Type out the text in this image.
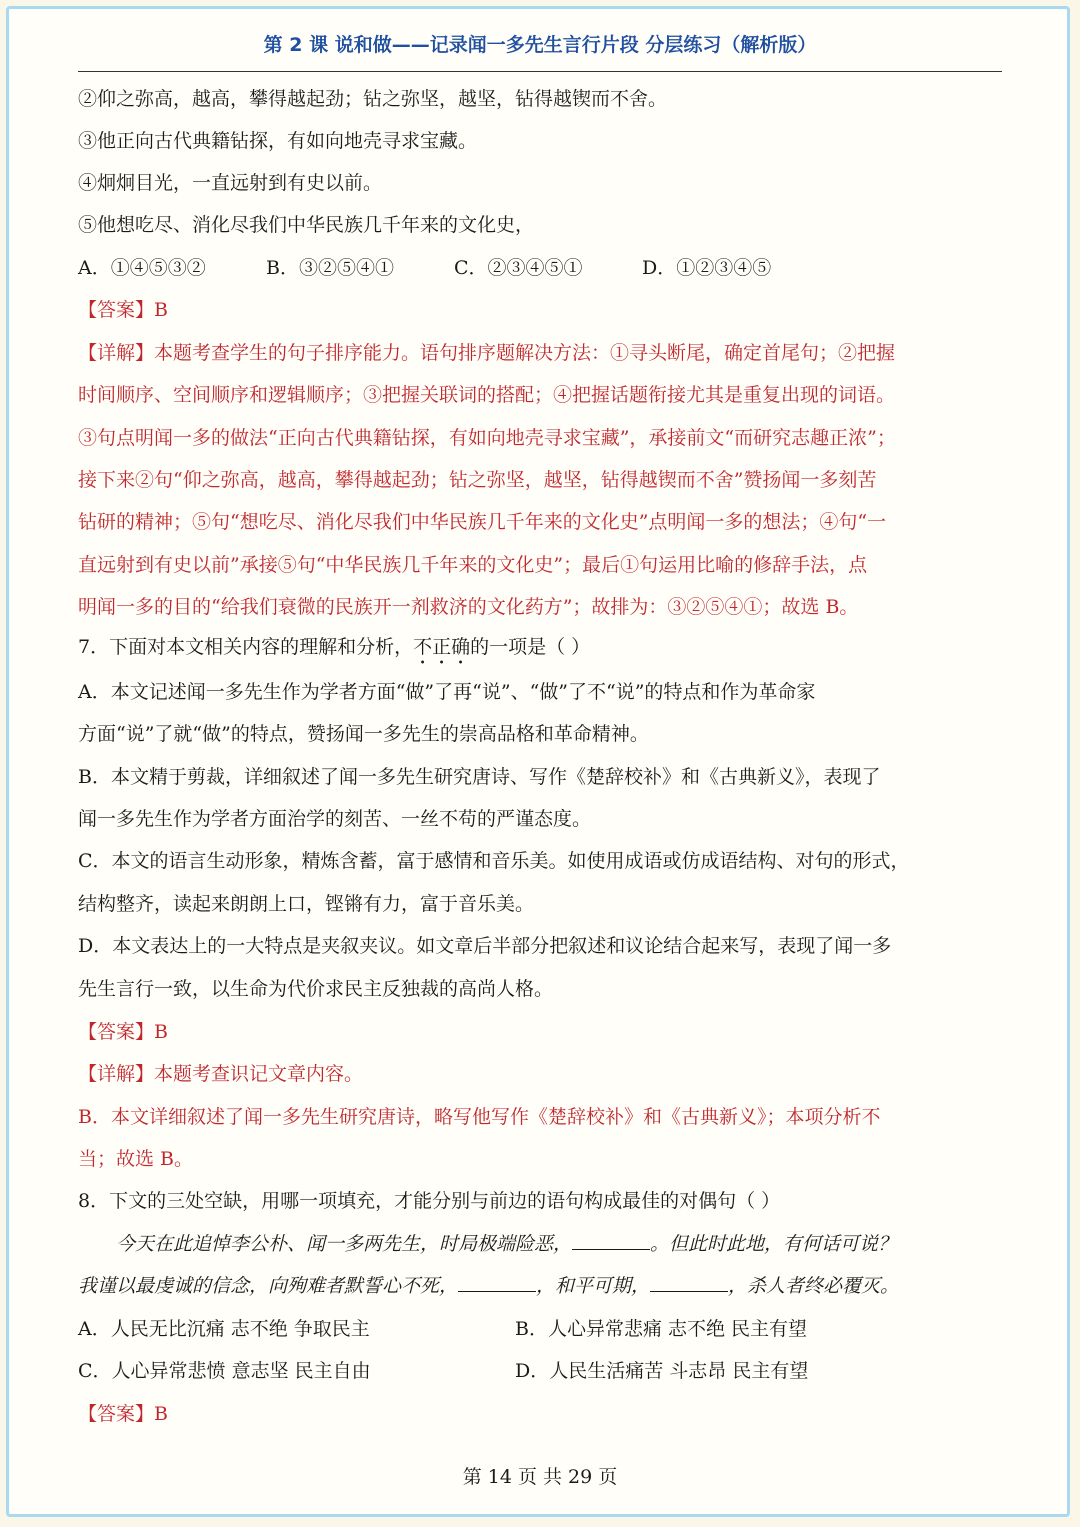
第 2 课 说和做——记录闻一多先生言行片段 分层练习（解析版）
②仰之弥高，越高，攀得越起劲；钻之弥坚，越坚，钻得越锲而不舍。
③他正向古代典籍钻探，有如向地壳寻求宝藏。
④炯炯目光，一直远射到有史以前。
⑤他想吃尽、消化尽我们中华民族几千年来的文化史，
A．①④⑤③②	B．③②⑤④①	C．②③④⑤①	D．①②③④⑤
【答案】B
【详解】本题考查学生的句子排序能力。语句排序题解决方法：①寻头断尾，确定首尾句；②把握
时间顺序、空间顺序和逻辑顺序；③把握关联词的搭配；④把握话题衔接尤其是重复出现的词语。
③句点明闻一多的做法“正向古代典籍钻探，有如向地壳寻求宝藏”，承接前文“而研究志趣正浓”；
接下来②句“仰之弥高，越高，攀得越起劲；钻之弥坚，越坚，钻得越锲而不舍”赞扬闻一多刻苦
钻研的精神；⑤句“想吃尽、消化尽我们中华民族几千年来的文化史”点明闻一多的想法；④句“一
直远射到有史以前”承接⑤句“中华民族几千年来的文化史”；最后①句运用比喻的修辞手法，点
明闻一多的目的“给我们衰微的民族开一剂救济的文化药方”；故排为：③②⑤④①；故选 B。
7．下面对本文相关内容的理解和分析，不正确的一项是（ ）
A．本文记述闻一多先生作为学者方面“做”了再“说”、“做”了不“说”的特点和作为革命家
方面“说”了就“做”的特点，赞扬闻一多先生的崇高品格和革命精神。
B．本文精于剪裁，详细叙述了闻一多先生研究唐诗、写作《楚辞校补》和《古典新义》，表现了
闻一多先生作为学者方面治学的刻苦、一丝不苟的严谨态度。
C．本文的语言生动形象，精炼含蓄，富于感情和音乐美。如使用成语或仿成语结构、对句的形式，
结构整齐，读起来朗朗上口，铿锵有力，富于音乐美。
D．本文表达上的一大特点是夹叙夹议。如文章后半部分把叙述和议论结合起来写，表现了闻一多
先生言行一致，以生命为代价求民主反独裁的高尚人格。
【答案】B
【详解】本题考查识记文章内容。
B．本文详细叙述了闻一多先生研究唐诗，略写他写作《楚辞校补》和《古典新义》；本项分析不
当；故选 B。
8．下文的三处空缺，用哪一项填充，才能分别与前边的语句构成最佳的对偶句（ ）
今天在此追悼李公朴、闻一多两先生，时局极端险恶，	。但此时此地，有何话可说？
我谨以最虔诚的信念，向殉难者默誓心不死，	，和平可期，	，杀人者终必覆灭。
A．人民无比沉痛 志不绝 争取民主	B．人心异常悲痛 志不绝 民主有望
C．人心异常悲愤 意志坚 民主自由	D．人民生活痛苦 斗志昂 民主有望
【答案】B
第 14 页 共 29 页
